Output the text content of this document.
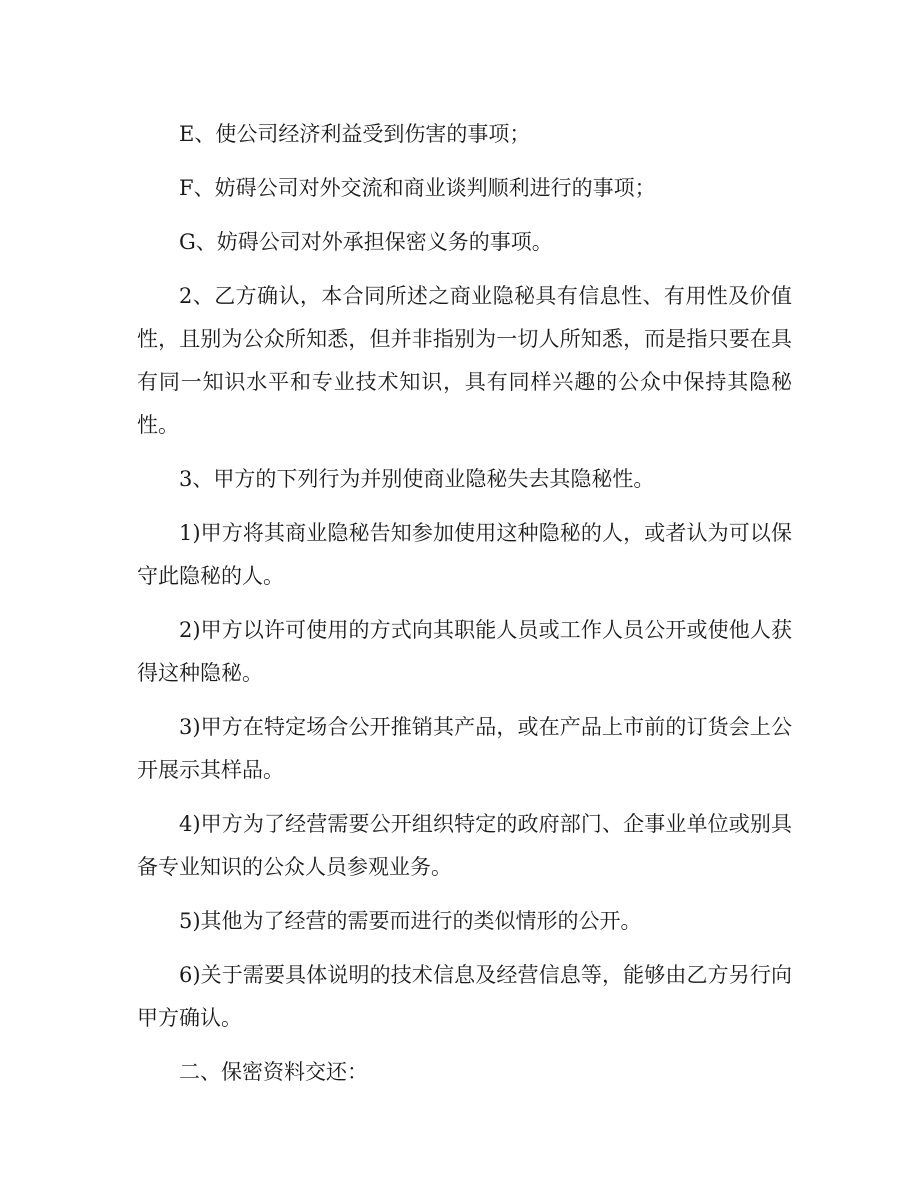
E、使公司经济利益受到伤害的事项；

F、妨碍公司对外交流和商业谈判顺利进行的事项；

G、妨碍公司对外承担保密义务的事项。

2、乙方确认，本合同所述之商业隐秘具有信息性、有用性及价值性，且别为公众所知悉，但并非指别为一切人所知悉，而是指只要在具有同一知识水平和专业技术知识，具有同样兴趣的公众中保持其隐秘性。

3、甲方的下列行为并别使商业隐秘失去其隐秘性。

1)甲方将其商业隐秘告知参加使用这种隐秘的人，或者认为可以保守此隐秘的人。

2)甲方以许可使用的方式向其职能人员或工作人员公开或使他人获得这种隐秘。

3)甲方在特定场合公开推销其产品，或在产品上市前的订货会上公开展示其样品。

4)甲方为了经营需要公开组织特定的政府部门、企事业单位或别具备专业知识的公众人员参观业务。

5)其他为了经营的需要而进行的类似情形的公开。

6)关于需要具体说明的技术信息及经营信息等，能够由乙方另行向甲方确认。

二、保密资料交还：
